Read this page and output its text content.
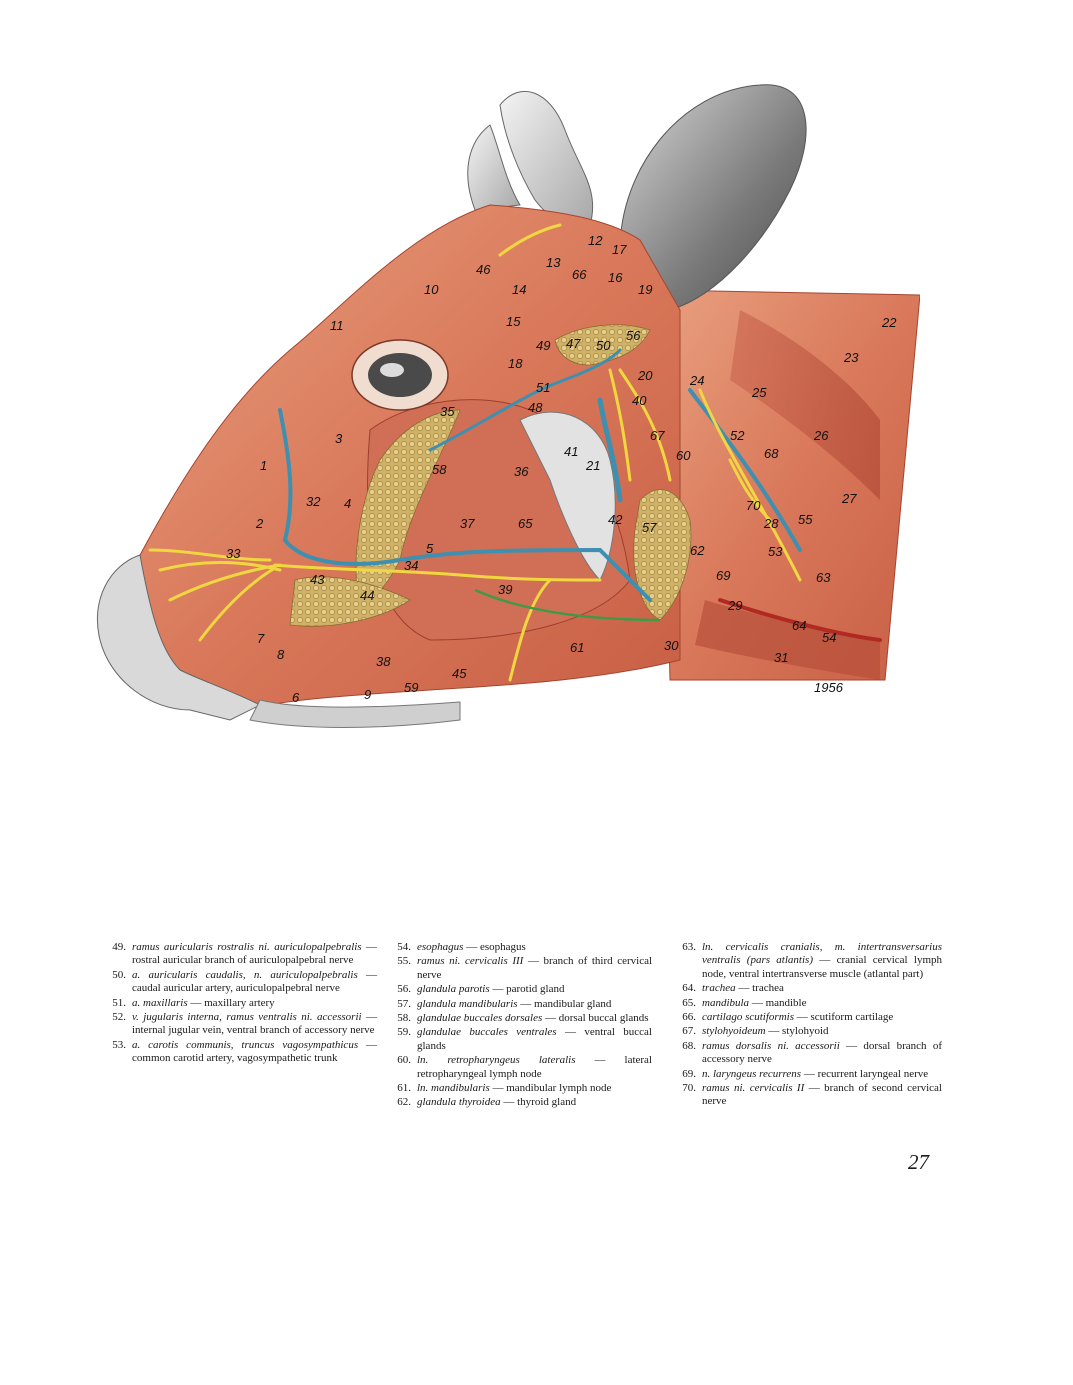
1
2
3
4
5
6
7
8
9
10
11
12
13
14
15
16
17
18
19
20
21
22
23
24
25
26
27
28
29
30
31
32
33
34
35
36
37
38
39
40
41
42
43
44
45
46
47
48
49	50
51
52
53
54
55
56
57
58
59
60
61
62
63
64
65
66
67
68
69
70
1956
49. ramus auricularis rostralis ni. auriculopalpebralis — rostral auricular branch of auriculopalpebral nerve
50. a. auricularis caudalis, n. auriculopalpebralis — caudal auricular artery, auriculopalpebral nerve
51. a. maxillaris — maxillary artery
52. v. jugularis interna, ramus ventralis ni. accessorii — internal jugular vein, ventral branch of accessory nerve
53. a. carotis communis, truncus vagosympathicus — common carotid artery, vagosympathetic trunk
54. esophagus — esophagus
55. ramus ni. cervicalis III — branch of third cervical nerve
56. glandula parotis — parotid gland
57. glandula mandibularis — mandibular gland
58. glandulae buccales dorsales — dorsal buccal glands
59. glandulae buccales ventrales — ventral buccal glands
60. ln. retropharyngeus lateralis — lateral retropharyngeal lymph node
61. ln. mandibularis — mandibular lymph node
62. glandula thyroidea — thyroid gland
63. ln. cervicalis cranialis, m. intertransversarius ventralis (pars atlantis) — cranial cervical lymph node, ventral intertransverse muscle (atlantal part)
64. trachea — trachea
65. mandibula — mandible
66. cartilago scutiformis — scutiform cartilage
67. stylohyoideum — stylohyoid
68. ramus dorsalis ni. accessorii — dorsal branch of accessory nerve
69. n. laryngeus recurrens — recurrent laryngeal nerve
70. ramus ni. cervicalis II — branch of second cervical nerve
27
